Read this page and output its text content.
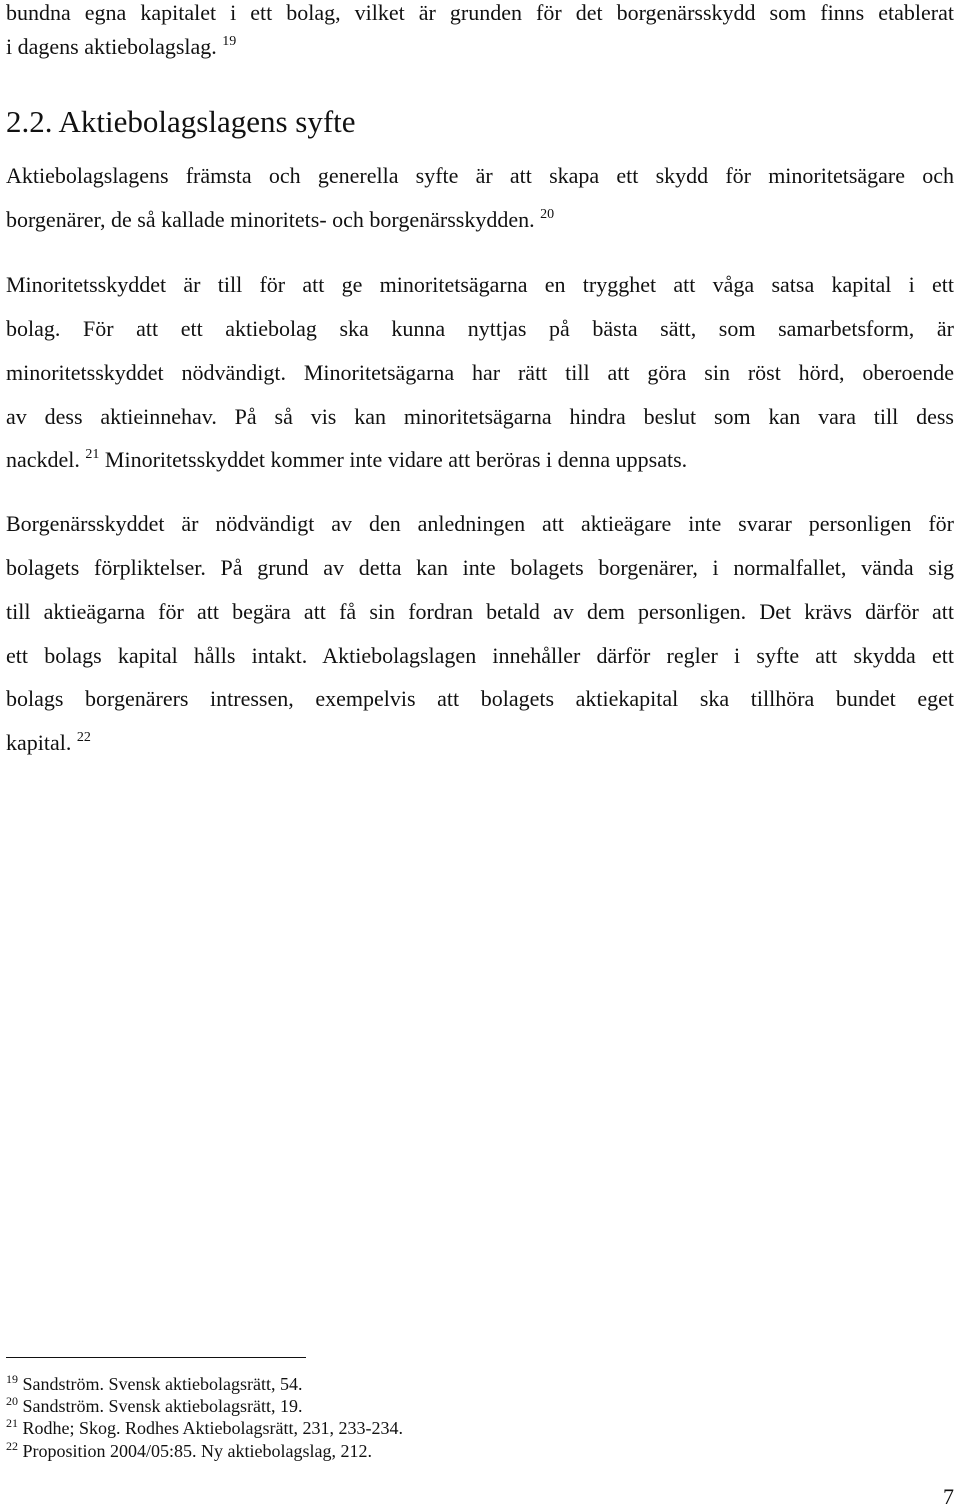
bundna egna kapitalet i ett bolag, vilket är grunden för det borgenärsskydd som finns etablerat
i dagens aktiebolagslag. $^{19}$
2.2. Aktiebolagslagens syfte
Aktiebolagslagens främsta och generella syfte är att skapa ett skydd för minoritetsägare och
borgenärer, de så kallade minoritets- och borgenärsskydden. $^{20}$
Minoritetsskyddet är till för att ge minoritetsägarna en trygghet att våga satsa kapital i ett
bolag. För att ett aktiebolag ska kunna nyttjas på bästa sätt, som samarbetsform, är
minoritetsskyddet nödvändigt. Minoritetsägarna har rätt till att göra sin röst hörd, oberoende
av dess aktieinnehav. På så vis kan minoritetsägarna hindra beslut som kan vara till dess
nackdel. $^{21}$ Minoritetsskyddet kommer inte vidare att beröras i denna uppsats.
Borgenärsskyddet är nödvändigt av den anledningen att aktieägare inte svarar personligen för
bolagets förpliktelser. På grund av detta kan inte bolagets borgenärer, i normalfallet, vända sig
till aktieägarna för att begära att få sin fordran betald av dem personligen. Det krävs därför att
ett bolags kapital hålls intakt. Aktiebolagslagen innehåller därför regler i syfte att skydda ett
bolags borgenärers intressen, exempelvis att bolagets aktiekapital ska tillhöra bundet eget
kapital. $^{22}$
$^{19}$ Sandström. Svensk aktiebolagsrätt, 54.
$^{20}$ Sandström. Svensk aktiebolagsrätt, 19.
$^{21}$ Rodhe; Skog. Rodhes Aktiebolagsrätt, 231, 233-234.
$^{22}$ Proposition 2004/05:85. Ny aktiebolagslag, 212.
7
